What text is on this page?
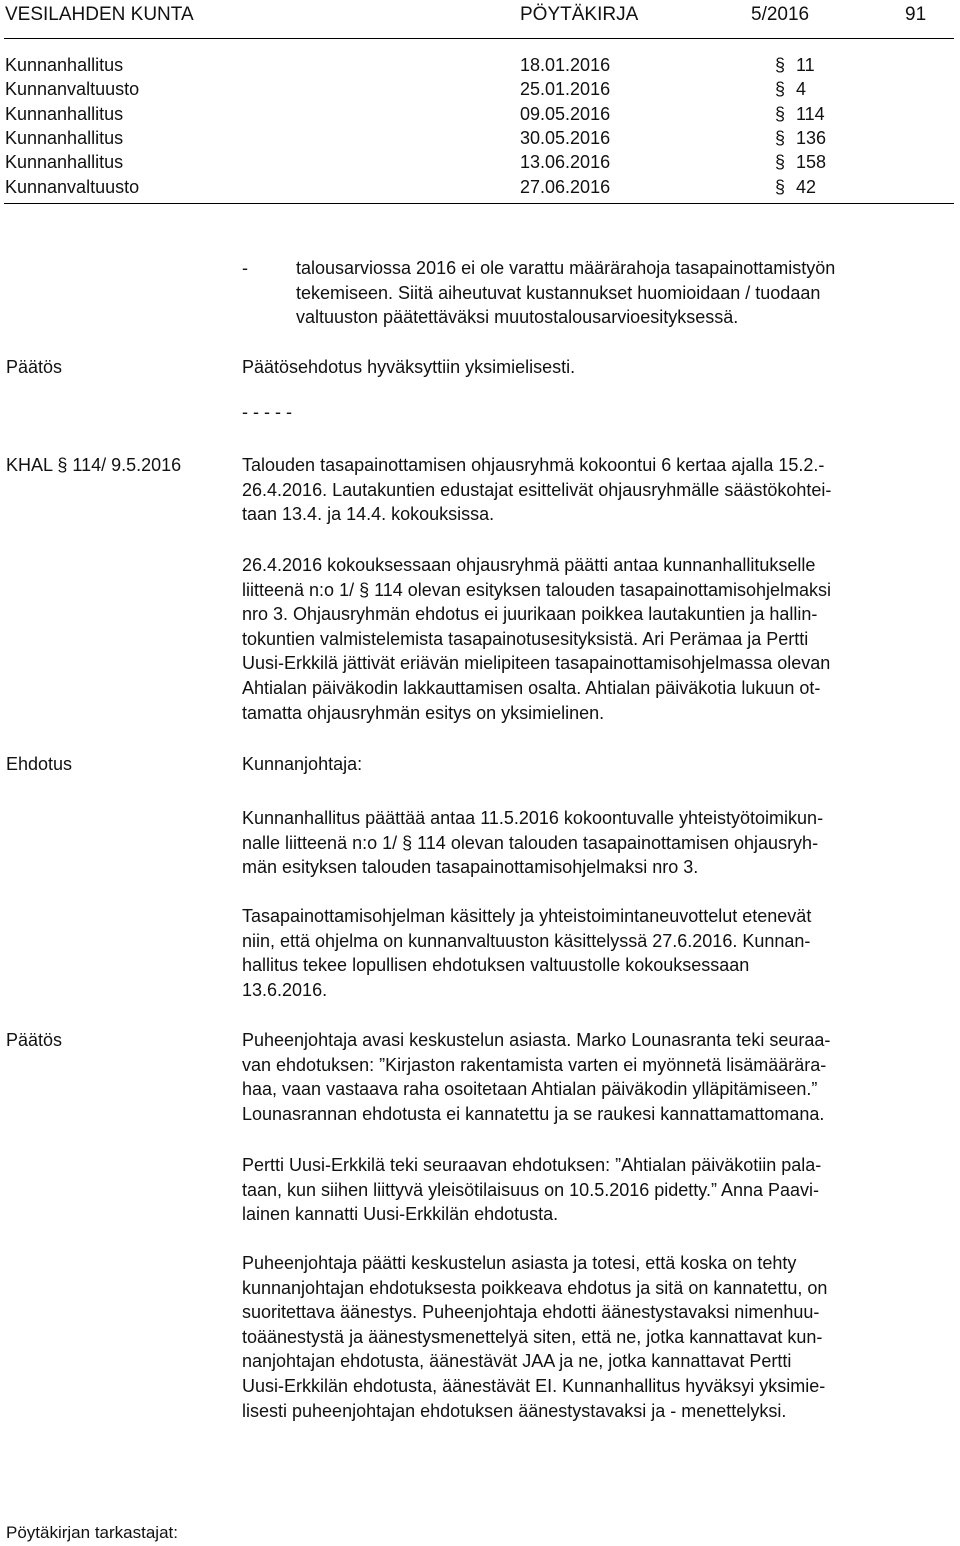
VESILAHDEN KUNTA	PÖYTÄKIRJA	5/2016	91
Kunnanhallitus	18.01.2016	§ 11
Kunnanvaltuusto	25.01.2016	§ 4
Kunnanhallitus	09.05.2016	§ 114
Kunnanhallitus	30.05.2016	§ 136
Kunnanhallitus	13.06.2016	§ 158
Kunnanvaltuusto	27.06.2016	§ 42
-	talousarviossa 2016 ei ole varattu määrärahoja tasapainottamistyön
tekemiseen. Siitä aiheutuvat kustannukset huomioidaan / tuodaan
valtuuston päätettäväksi muutostalousarvioesityksessä.
Päätös	Päätösehdotus hyväksyttiin yksimielisesti.
- - - - -
KHAL § 114/ 9.5.2016	Talouden tasapainottamisen ohjausryhmä kokoontui 6 kertaa ajalla 15.2.-

26.4.2016. Lautakuntien edustajat esittelivät ohjausryhmälle säästökohtei-

taan 13.4. ja 14.4. kokouksissa.

26.4.2016 kokouksessaan ohjausryhmä päätti antaa kunnanhallitukselle

liitteenä n:o 1/ § 114 olevan esityksen talouden tasapainottamisohjelmaksi

nro 3. Ohjausryhmän ehdotus ei juurikaan poikkea lautakuntien ja hallin-

tokuntien valmistelemista tasapainotusesityksistä. Ari Perämaa ja Pertti

Uusi-Erkkilä jättivät eriävän mielipiteen tasapainottamisohjelmassa olevan

Ahtialan päiväkodin lakkauttamisen osalta. Ahtialan päiväkotia lukuun ot-

tamatta ohjausryhmän esitys on yksimielinen.

Ehdotus	Kunnanjohtaja:

Kunnanhallitus päättää antaa 11.5.2016 kokoontuvalle yhteistyötoimikun-

nalle liitteenä n:o 1/ § 114 olevan talouden tasapainottamisen ohjausryh-

män esityksen talouden tasapainottamisohjelmaksi nro 3.

Tasapainottamisohjelman käsittely ja yhteistoimintaneuvottelut etenevät

niin, että ohjelma on kunnanvaltuuston käsittelyssä 27.6.2016. Kunnan-

hallitus tekee lopullisen ehdotuksen valtuustolle kokouksessaan

13.6.2016.

Päätös	Puheenjohtaja avasi keskustelun asiasta. Marko Lounasranta teki seuraa-

van ehdotuksen: ”Kirjaston rakentamista varten ei myönnetä lisämäärära-

haa, vaan vastaava raha osoitetaan Ahtialan päiväkodin ylläpitämiseen.”

Lounasrannan ehdotusta ei kannatettu ja se raukesi kannattamattomana.

Pertti Uusi-Erkkilä teki seuraavan ehdotuksen: ”Ahtialan päiväkotiin pala-

taan, kun siihen liittyvä yleisötilaisuus on 10.5.2016 pidetty.” Anna Paavi-

lainen kannatti Uusi-Erkkilän ehdotusta.

Puheenjohtaja päätti keskustelun asiasta ja totesi, että koska on tehty

kunnanjohtajan ehdotuksesta poikkeava ehdotus ja sitä on kannatettu, on

suoritettava äänestys. Puheenjohtaja ehdotti äänestystavaksi nimenhuu-

toäänestystä ja äänestysmenettelyä siten, että ne, jotka kannattavat kun-

nanjohtajan ehdotusta, äänestävät JAA ja ne, jotka kannattavat Pertti

Uusi-Erkkilän ehdotusta, äänestävät EI. Kunnanhallitus hyväksyi yksimie-

lisesti puheenjohtajan ehdotuksen äänestystavaksi ja - menettelyksi.

Pöytäkirjan tarkastajat:
